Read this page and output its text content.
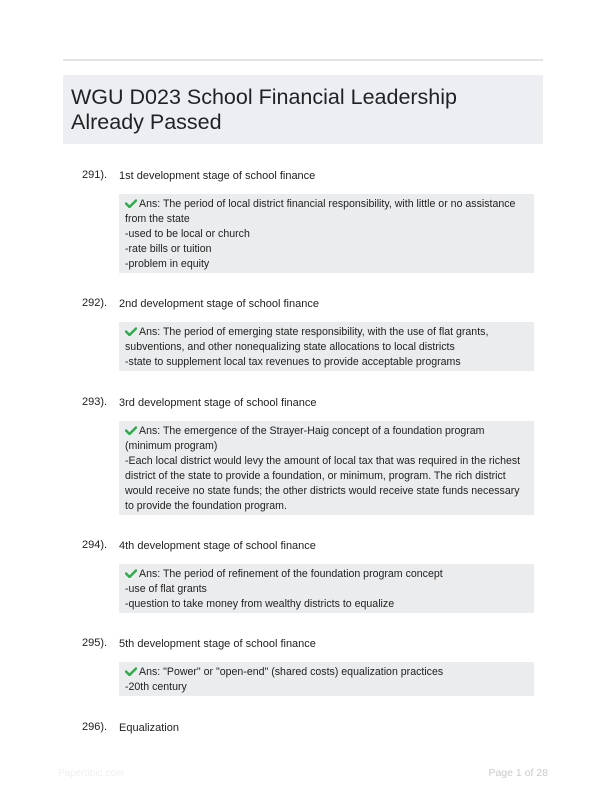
WGU D023 School Financial Leadership Already Passed
291). 1st development stage of school finance
Ans: The period of local district financial responsibility, with little or no assistance
from the state
-used to be local or church
-rate bills or tuition
-problem in equity
292). 2nd development stage of school finance
Ans: The period of emerging state responsibility, with the use of flat grants,
subventions, and other nonequalizing state allocations to local districts
-state to supplement local tax revenues to provide acceptable programs
293). 3rd development stage of school finance
Ans: The emergence of the Strayer-Haig concept of a foundation program
(minimum program)
-Each local district would levy the amount of local tax that was required in the richest
district of the state to provide a foundation, or minimum, program. The rich district
would receive no state funds; the other districts would receive state funds necessary
to provide the foundation program.
294). 4th development stage of school finance
Ans: The period of refinement of the foundation program concept
-use of flat grants
-question to take money from wealthy districts to equalize
295). 5th development stage of school finance
Ans: "Power" or "open-end" (shared costs) equalization practices
-20th century
296). Equalization
Papertibic.com	Page 1 of 28
